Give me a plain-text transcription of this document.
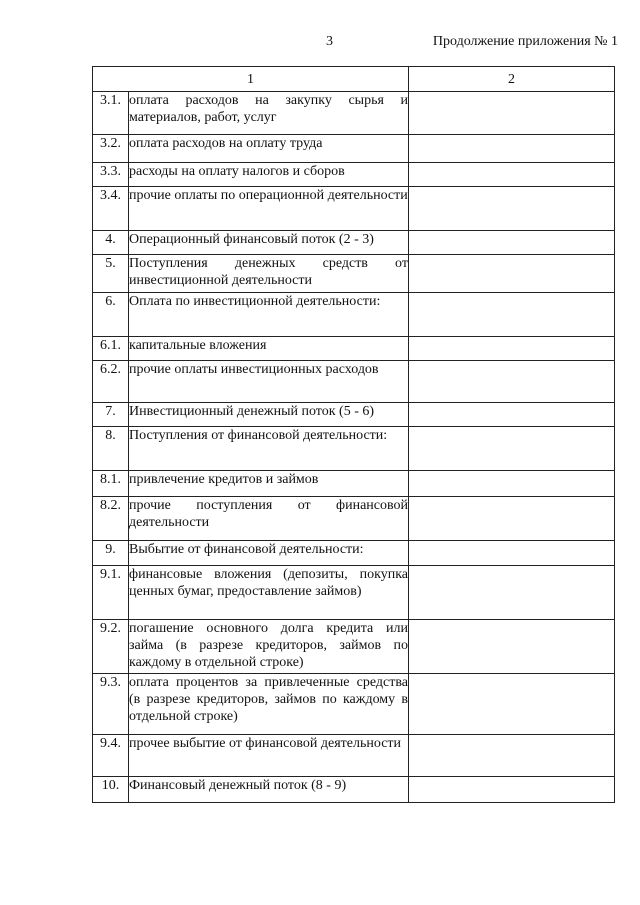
3	Продолжение приложения № 1
1		2
3.1.	оплата расходов на закупку сырья и материалов, работ, услуг	
3.2.	оплата расходов на оплату труда	
3.3.	расходы на оплату налогов и сборов	
3.4.	прочие оплаты по операционной деятельности	
4.	Операционный финансовый поток (2 - 3)	
5.	Поступления денежных средств от инвестиционной деятельности	
6.	Оплата по инвестиционной деятельности:	
6.1.	капитальные вложения	
6.2.	прочие оплаты инвестиционных расходов	
7.	Инвестиционный денежный поток (5 - 6)	
8.	Поступления от финансовой деятельности:	
8.1.	привлечение кредитов и займов	
8.2.	прочие поступления от финансовой деятельности	
9.	Выбытие от финансовой деятельности:	
9.1.	финансовые вложения (депозиты, покупка ценных бумаг, предоставление займов)	
9.2.	погашение основного долга кредита или займа (в разрезе кредиторов, займов по каждому в отдельной строке)	
9.3.	оплата процентов за привлеченные средства (в разрезе кредиторов, займов по каждому в отдельной строке)	
9.4.	прочее выбытие от финансовой деятельности	
10.	Финансовый денежный поток (8 - 9)	
